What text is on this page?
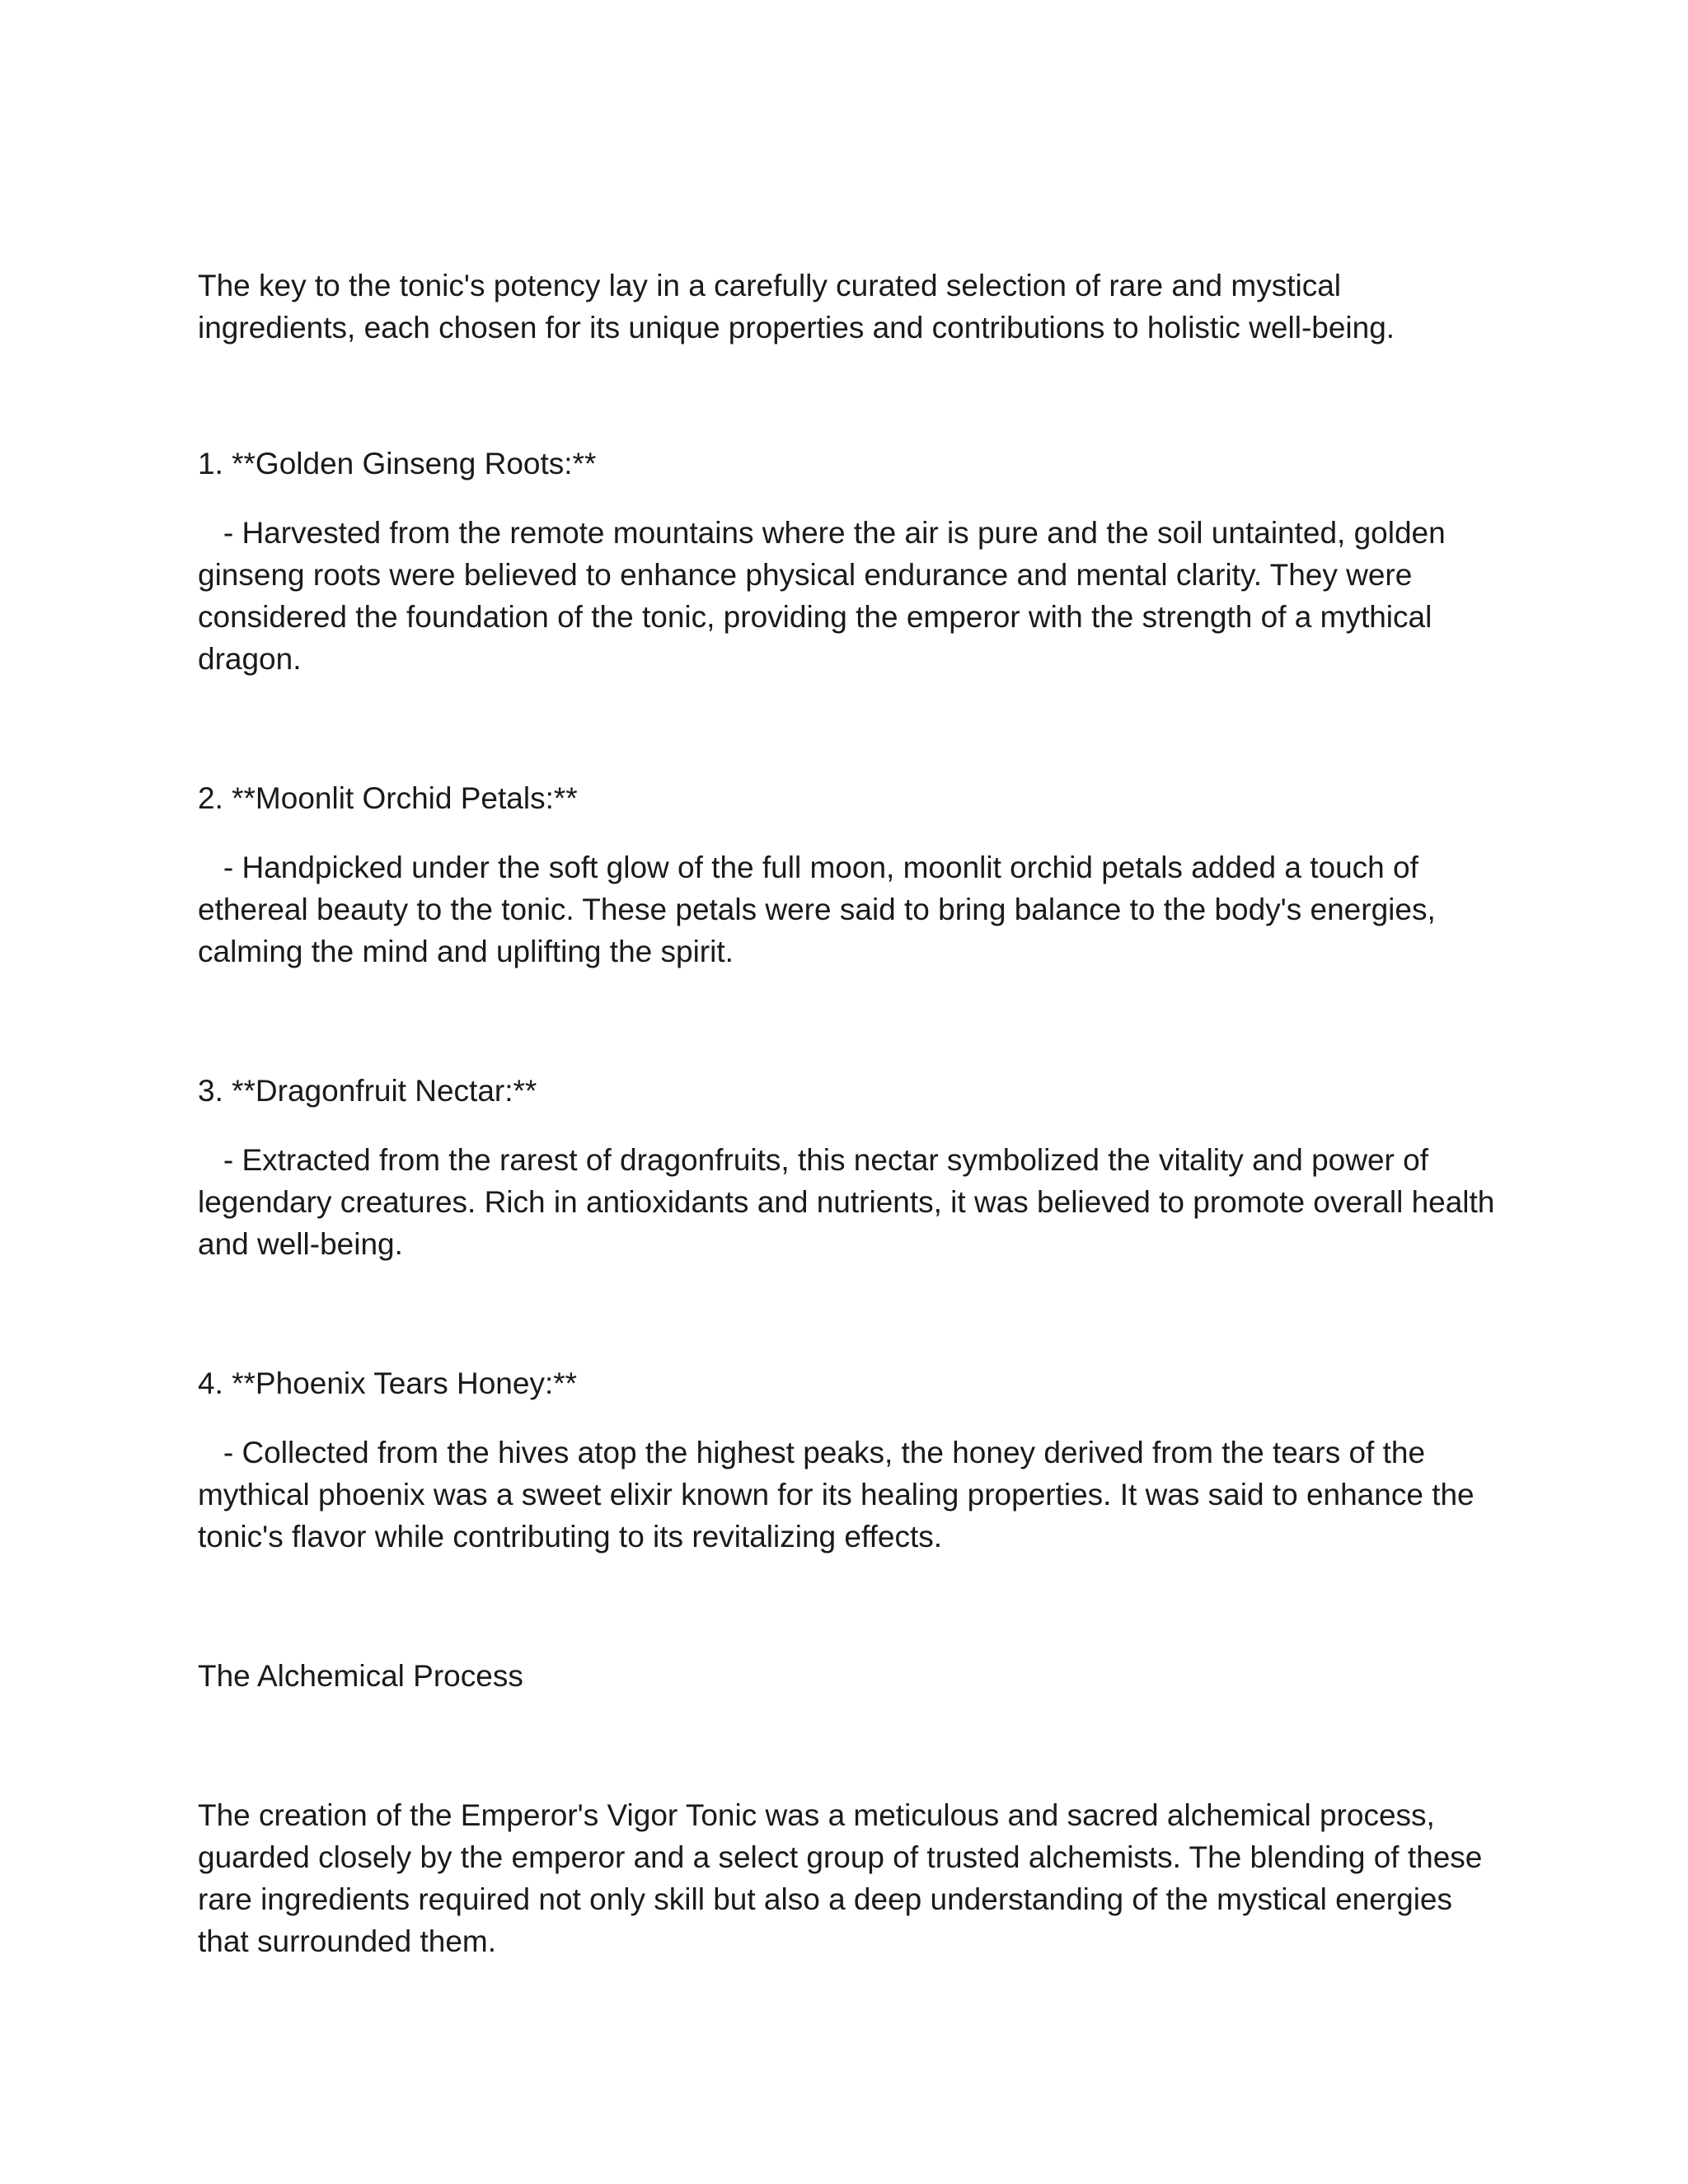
The key to the tonic's potency lay in a carefully curated selection of rare and mystical ingredients, each chosen for its unique properties and contributions to holistic well-being.

1. **Golden Ginseng Roots:**

- Harvested from the remote mountains where the air is pure and the soil untainted, golden ginseng roots were believed to enhance physical endurance and mental clarity. They were considered the foundation of the tonic, providing the emperor with the strength of a mythical dragon.

2. **Moonlit Orchid Petals:**

- Handpicked under the soft glow of the full moon, moonlit orchid petals added a touch of ethereal beauty to the tonic. These petals were said to bring balance to the body's energies, calming the mind and uplifting the spirit.

3. **Dragonfruit Nectar:**

- Extracted from the rarest of dragonfruits, this nectar symbolized the vitality and power of legendary creatures. Rich in antioxidants and nutrients, it was believed to promote overall health and well-being.

4. **Phoenix Tears Honey:**

- Collected from the hives atop the highest peaks, the honey derived from the tears of the mythical phoenix was a sweet elixir known for its healing properties. It was said to enhance the tonic's flavor while contributing to its revitalizing effects.

The Alchemical Process

The creation of the Emperor's Vigor Tonic was a meticulous and sacred alchemical process, guarded closely by the emperor and a select group of trusted alchemists. The blending of these rare ingredients required not only skill but also a deep understanding of the mystical energies that surrounded them.
